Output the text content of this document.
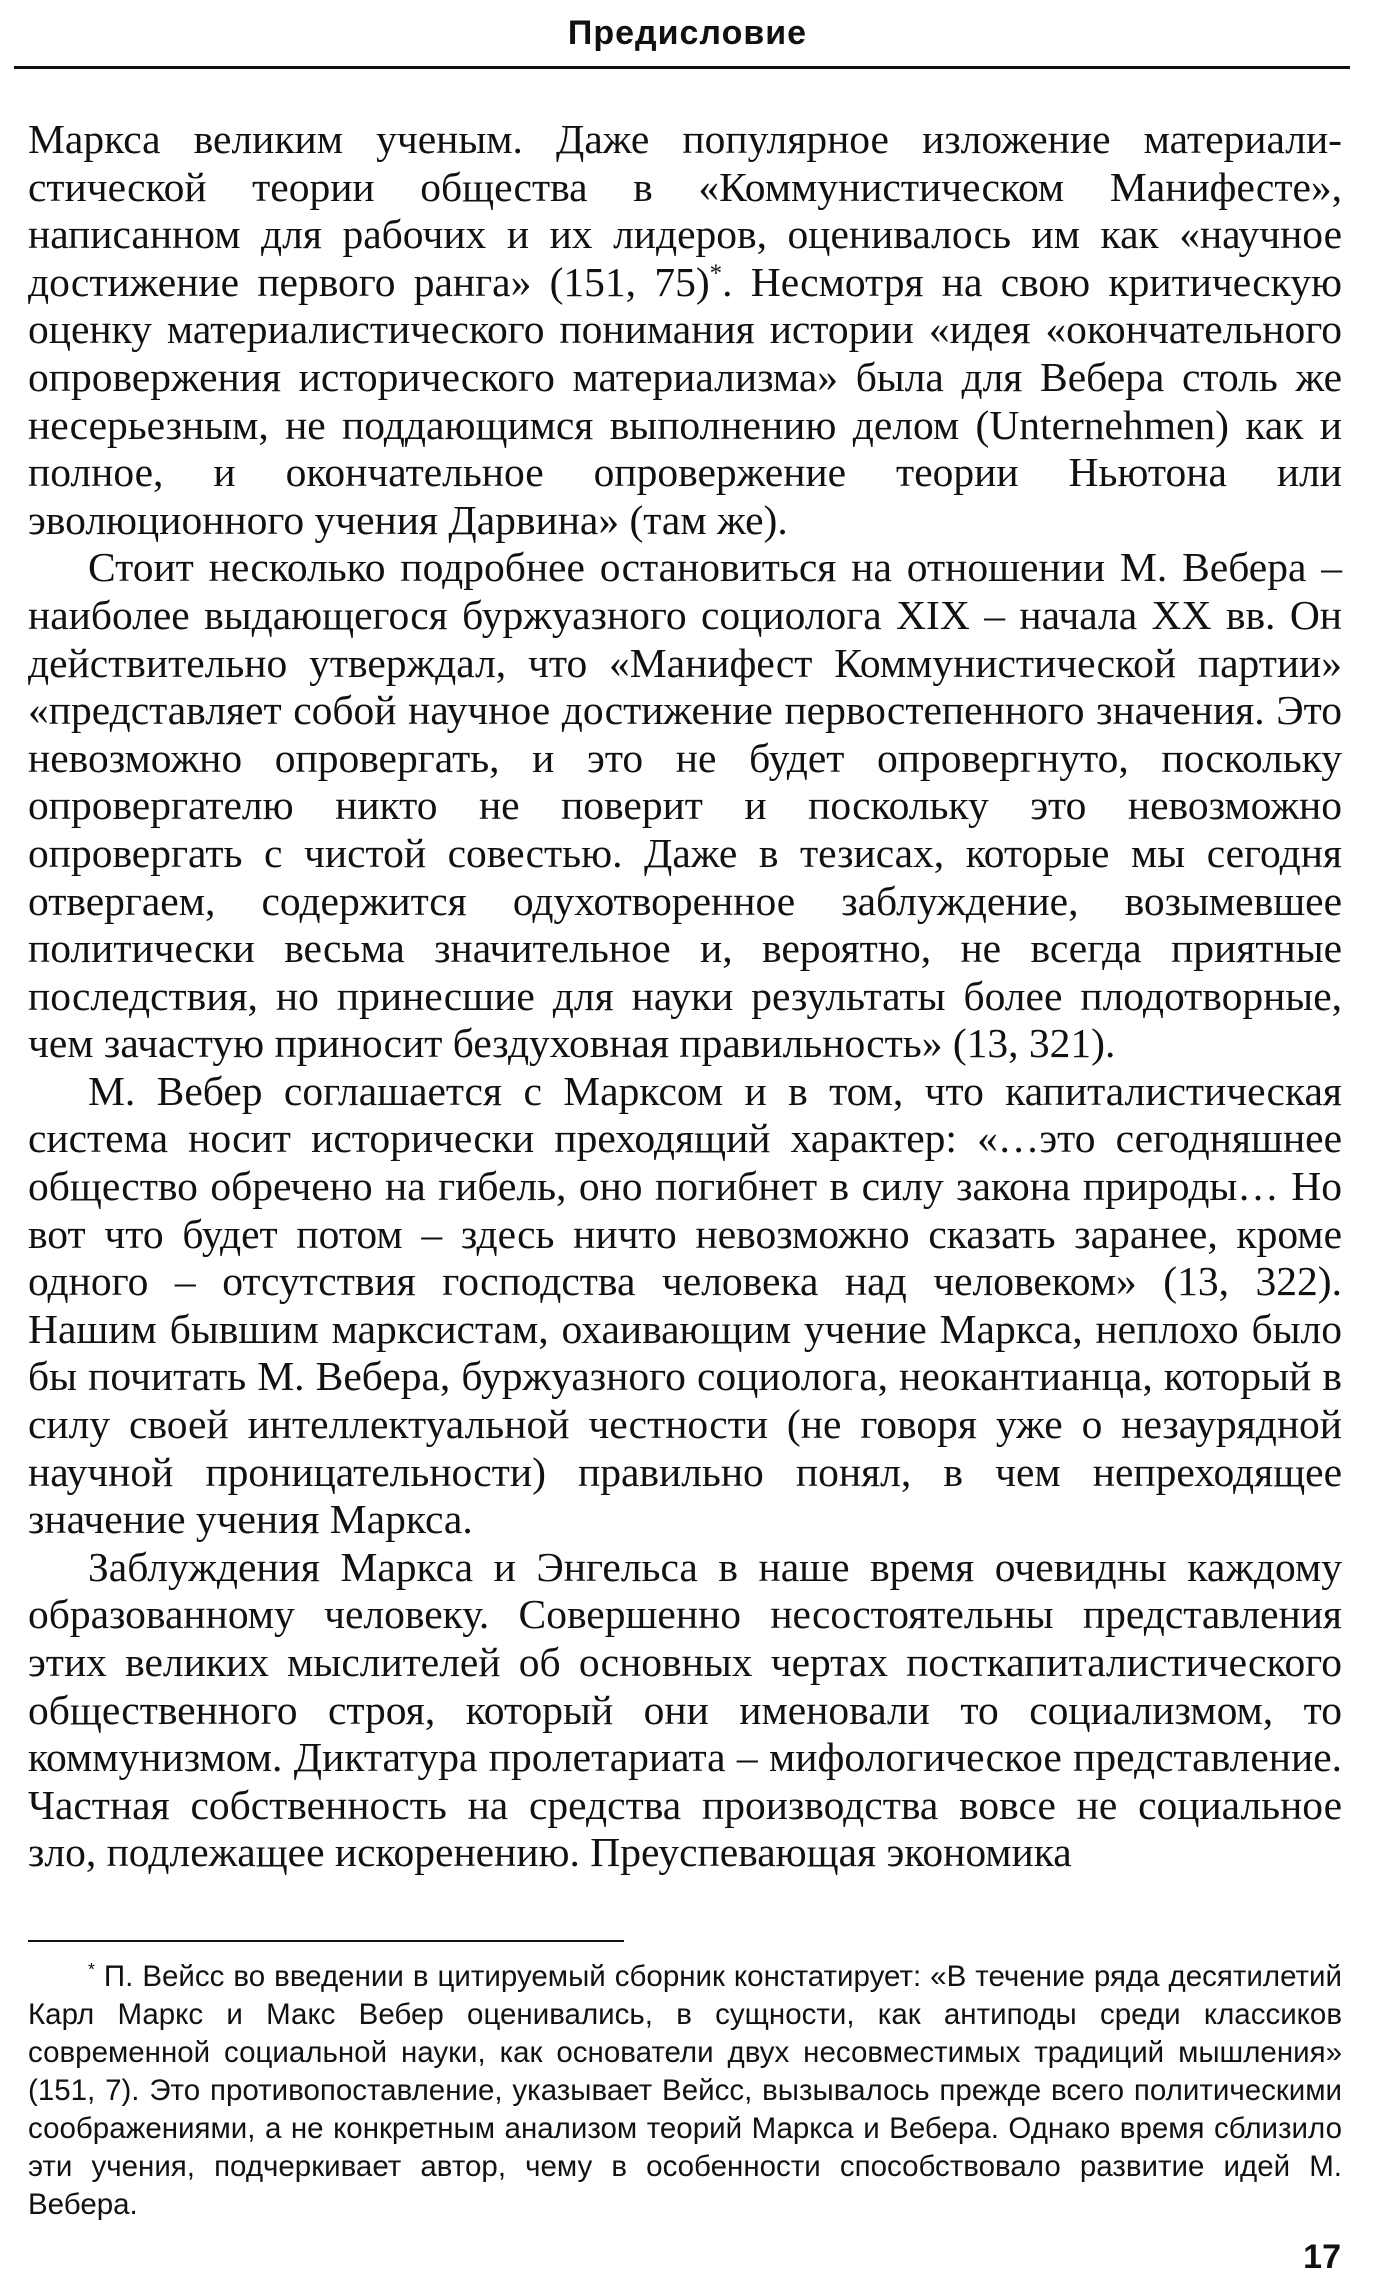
Предисловие

Маркса великим ученым. Даже популярное изложение материалистической теории общества в «Коммунистическом Манифесте», написанном для рабочих и их лидеров, оценивалось им как «научное достижение первого ранга» (151, 75)*. Несмотря на свою критическую оценку материалистического понимания истории «идея «окончательного опровержения исторического материализма» была для Вебера столь же несерьезным, не поддающимся выполнению делом (Unternehmen) как и полное, и окончательное опровержение теории Ньютона или эволюционного учения Дарвина» (там же).

Стоит несколько подробнее остановиться на отношении М. Вебера – наиболее выдающегося буржуазного социолога XIX – начала XX вв. Он действительно утверждал, что «Манифест Коммунистической партии» «представляет собой научное достижение первостепенного значения. Это невозможно опровергать, и это не будет опровергнуто, поскольку опровергателю никто не поверит и поскольку это невозможно опровергать с чистой совестью. Даже в тезисах, которые мы сегодня отвергаем, содержится одухотворенное заблуждение, возымевшее политически весьма значительное и, вероятно, не всегда приятные последствия, но принесшие для науки результаты более плодотворные, чем зачастую приносит бездуховная правильность» (13, 321).

М. Вебер соглашается с Марксом и в том, что капиталистическая система носит исторически преходящий характер: «…это сегодняшнее общество обречено на гибель, оно погибнет в силу закона природы… Но вот что будет потом – здесь ничто невозможно сказать заранее, кроме одного – отсутствия господства человека над человеком» (13, 322). Нашим бывшим марксистам, охаивающим учение Маркса, неплохо было бы почитать М. Вебера, буржуазного социолога, неокантианца, который в силу своей интеллектуальной честности (не говоря уже о незаурядной научной проницательности) правильно понял, в чем непреходящее значение учения Маркса.

Заблуждения Маркса и Энгельса в наше время очевидны каждому образованному человеку. Совершенно несостоятельны представления этих великих мыслителей об основных чертах посткапиталистического общественного строя, который они именовали то социализмом, то коммунизмом. Диктатура пролетариата – мифологическое представление. Частная собственность на средства производства вовсе не социальное зло, подлежащее искоренению. Преуспевающая экономика

* П. Вейсс во введении в цитируемый сборник констатирует: «В течение ряда десятилетий Карл Маркс и Макс Вебер оценивались, в сущности, как антиподы среди классиков современной социальной науки, как основатели двух несовместимых традиций мышления» (151, 7). Это противопоставление, указывает Вейсс, вызывалось прежде всего политическими соображениями, а не конкретным анализом теорий Маркса и Вебера. Однако время сблизило эти учения, подчеркивает автор, чему в особенности способствовало развитие идей М. Вебера.

17
